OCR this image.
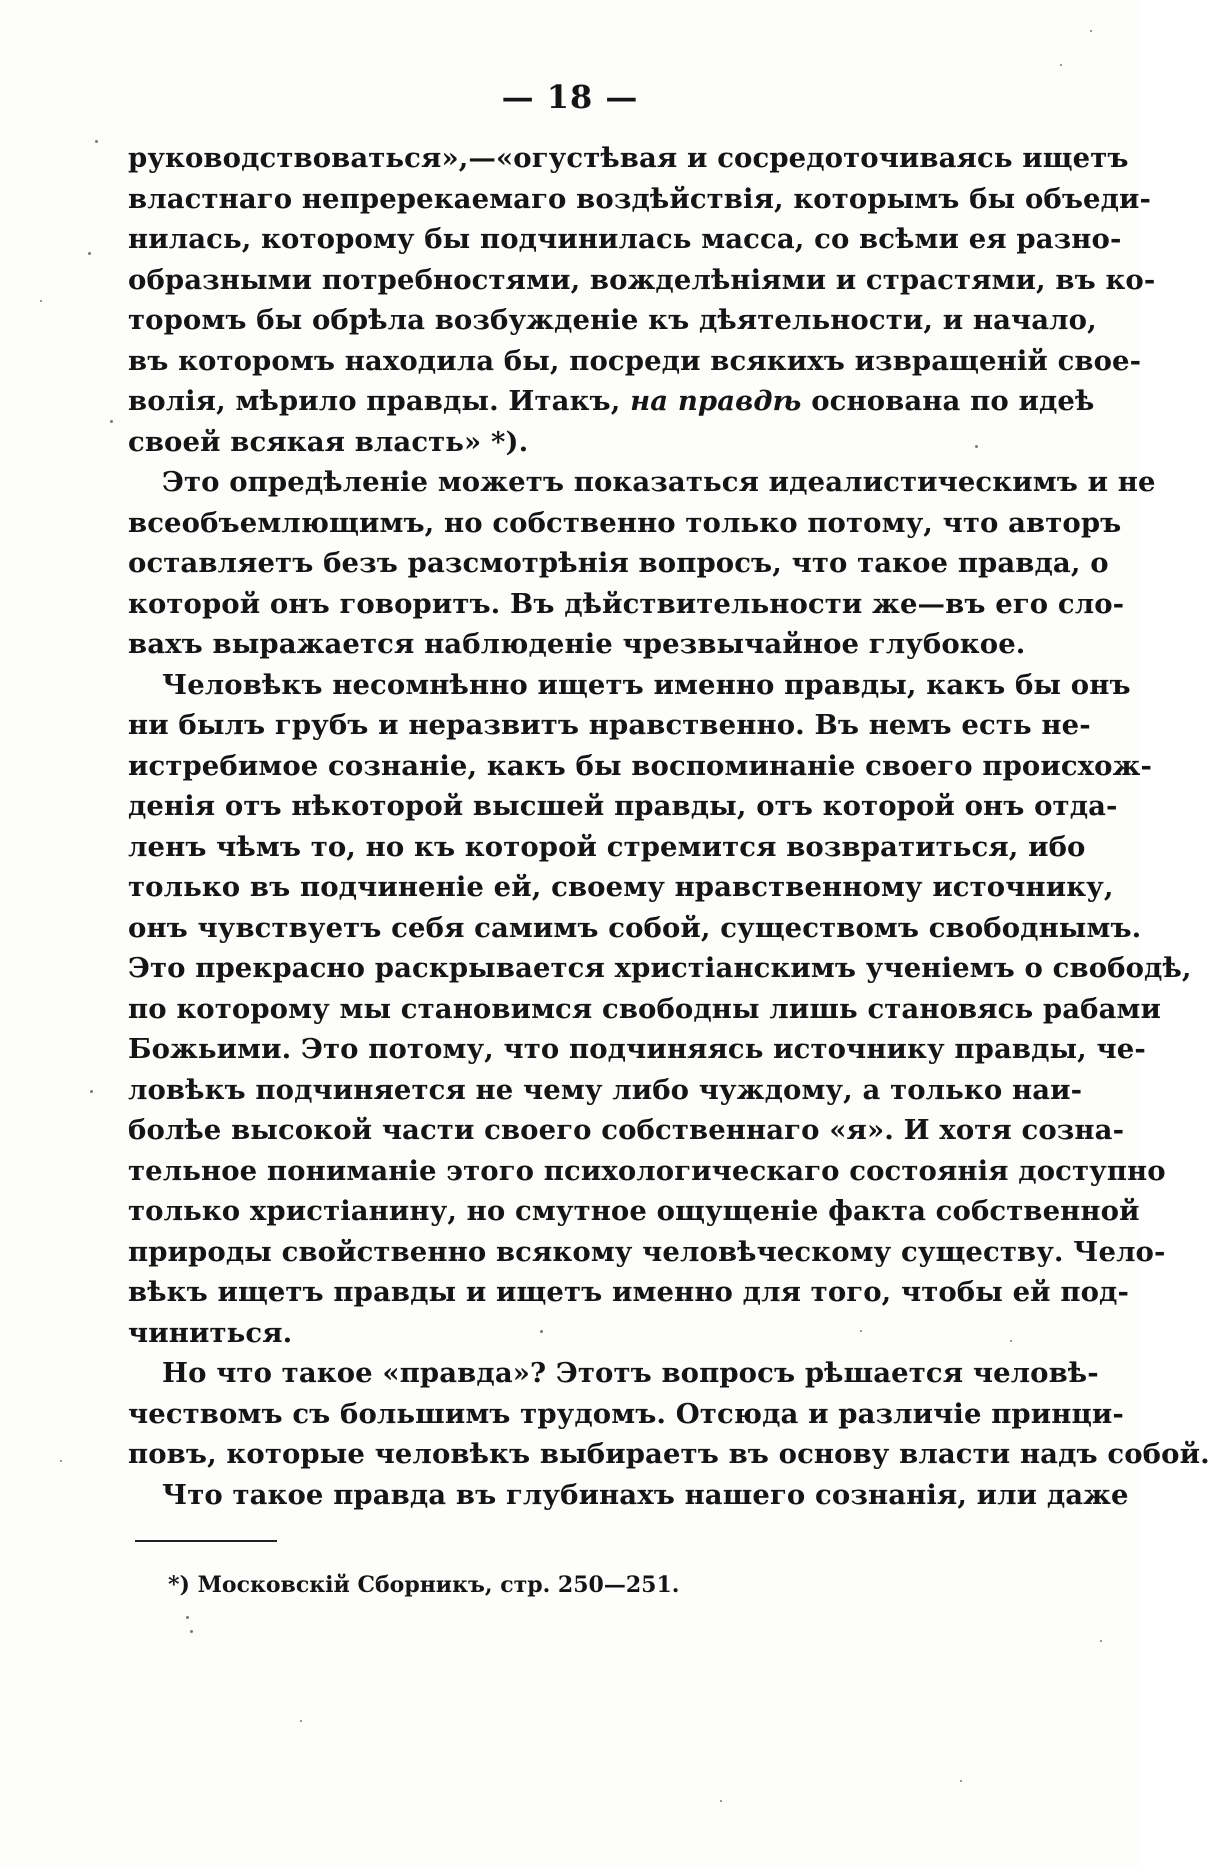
— 18 —
руководствоваться»,—«огустѣвая и сосредоточиваясь ищетъ
властнаго непререкаемаго воздѣйствія, которымъ бы объеди-
нилась, которому бы подчинилась масса, со всѣми ея разно-
образными потребностями, вожделѣніями и страстями, въ ко-
торомъ бы обрѣла возбужденіе къ дѣятельности, и начало,
въ которомъ находила бы, посреди всякихъ извращеній свое-
волія, мѣрило правды. Итакъ, на правдѣ основана по идеѣ
своей всякая власть» *).
Это опредѣленіе можетъ показаться идеалистическимъ и не
всеобъемлющимъ, но собственно только потому, что авторъ
оставляетъ безъ разсмотрѣнія вопросъ, что такое правда, о
которой онъ говоритъ. Въ дѣйствительности же—въ его сло-
вахъ выражается наблюденіе чрезвычайное глубокое.
Человѣкъ несомнѣнно ищетъ именно правды, какъ бы онъ
ни былъ грубъ и неразвитъ нравственно. Въ немъ есть не-
истребимое сознаніе, какъ бы воспоминаніе своего происхож-
денія отъ нѣкоторой высшей правды, отъ которой онъ отда-
ленъ чѣмъ то, но къ которой стремится возвратиться, ибо
только въ подчиненіе ей, своему нравственному источнику,
онъ чувствуетъ себя самимъ собой, существомъ свободнымъ.
Это прекрасно раскрывается христіанскимъ ученіемъ о свободѣ,
по которому мы становимся свободны лишь становясь рабами
Божьими. Это потому, что подчиняясь источнику правды, че-
ловѣкъ подчиняется не чему либо чуждому, а только наи-
болѣе высокой части своего собственнаго «я». И хотя созна-
тельное пониманіе этого психологическаго состоянія доступно
только христіанину, но смутное ощущеніе факта собственной
природы свойственно всякому человѣческому существу. Чело-
вѣкъ ищетъ правды и ищетъ именно для того, чтобы ей под-
чиниться.
Но что такое «правда»? Этотъ вопросъ рѣшается человѣ-
чествомъ съ большимъ трудомъ. Отсюда и различіе принци-
повъ, которые человѣкъ выбираетъ въ основу власти надъ собой.
Что такое правда въ глубинахъ нашего сознанія, или даже
*) Московскій Сборникъ, стр. 250—251.
